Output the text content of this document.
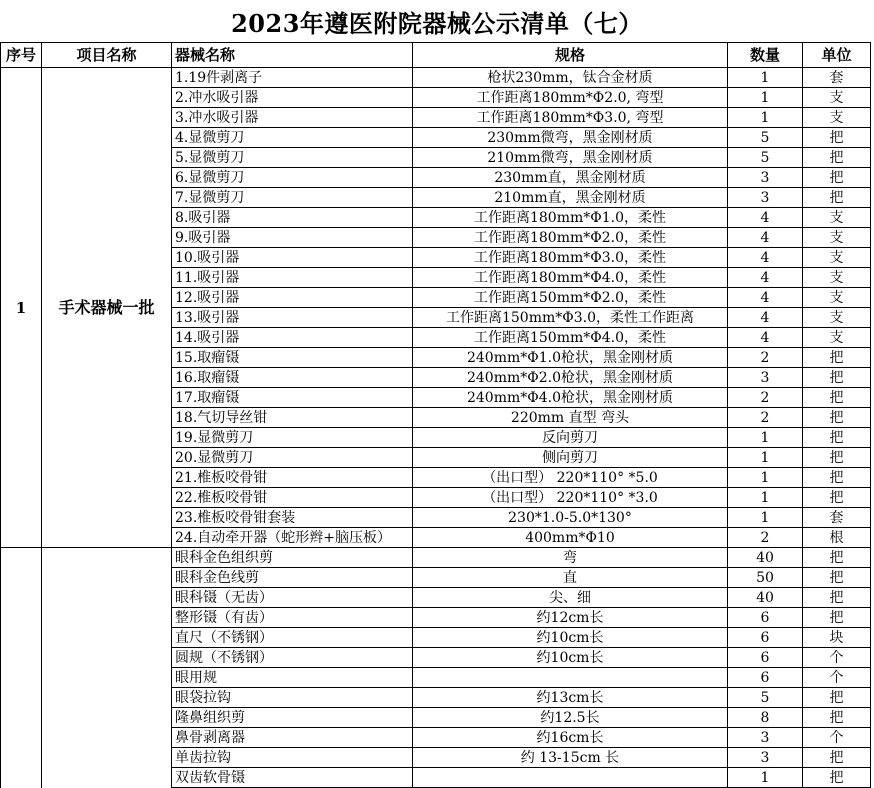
2023年遵医附院器械公示清单（七）
序号	项目名称	器械名称	规格	数量	单位
1	手术器械一批	1.19件剥离子	枪状230mm，钛合金材质	1	套
		2.冲水吸引器	工作距离180mm*Φ2.0, 弯型	1	支
		3.冲水吸引器	工作距离180mm*Φ3.0, 弯型	1	支
		4.显微剪刀	230mm微弯，黑金刚材质	5	把
		5.显微剪刀	210mm微弯，黑金刚材质	5	把
		6.显微剪刀	230mm直，黑金刚材质	3	把
		7.显微剪刀	210mm直，黑金刚材质	3	把
		8.吸引器	工作距离180mm*Φ1.0，柔性	4	支
		9.吸引器	工作距离180mm*Φ2.0，柔性	4	支
		10.吸引器	工作距离180mm*Φ3.0，柔性	4	支
		11.吸引器	工作距离180mm*Φ4.0，柔性	4	支
		12.吸引器	工作距离150mm*Φ2.0，柔性	4	支
		13.吸引器	工作距离150mm*Φ3.0，柔性工作距离	4	支
		14.吸引器	工作距离150mm*Φ4.0，柔性	4	支
		15.取瘤镊	240mm*Φ1.0枪状，黑金刚材质	2	把
		16.取瘤镊	240mm*Φ2.0枪状，黑金刚材质	3	把
		17.取瘤镊	240mm*Φ4.0枪状，黑金刚材质	2	把
		18.气切导丝钳	220mm 直型 弯头	2	把
		19.显微剪刀	反向剪刀	1	把
		20.显微剪刀	侧向剪刀	1	把
		21.椎板咬骨钳	（出口型） 220*110° *5.0	1	把
		22.椎板咬骨钳	（出口型） 220*110° *3.0	1	把
		23.椎板咬骨钳套装	230*1.0-5.0*130°	1	套
		24.自动牵开器（蛇形辫+脑压板）	400mm*Φ10	2	根
		眼科金色组织剪	弯	40	把
		眼科金色线剪	直	50	把
		眼科镊（无齿）	尖、细	40	把
		整形镊（有齿）	约12cm长	6	把
		直尺（不锈钢）	约10cm长	6	块
		圆规（不锈钢）	约10cm长	6	个
		眼用规		6	个
		眼袋拉钩	约13cm长	5	把
		隆鼻组织剪	约12.5长	8	把
		鼻骨剥离器	约16cm长	3	个
		单齿拉钩	约 13-15cm 长	3	把
		双齿软骨镊		1	把
